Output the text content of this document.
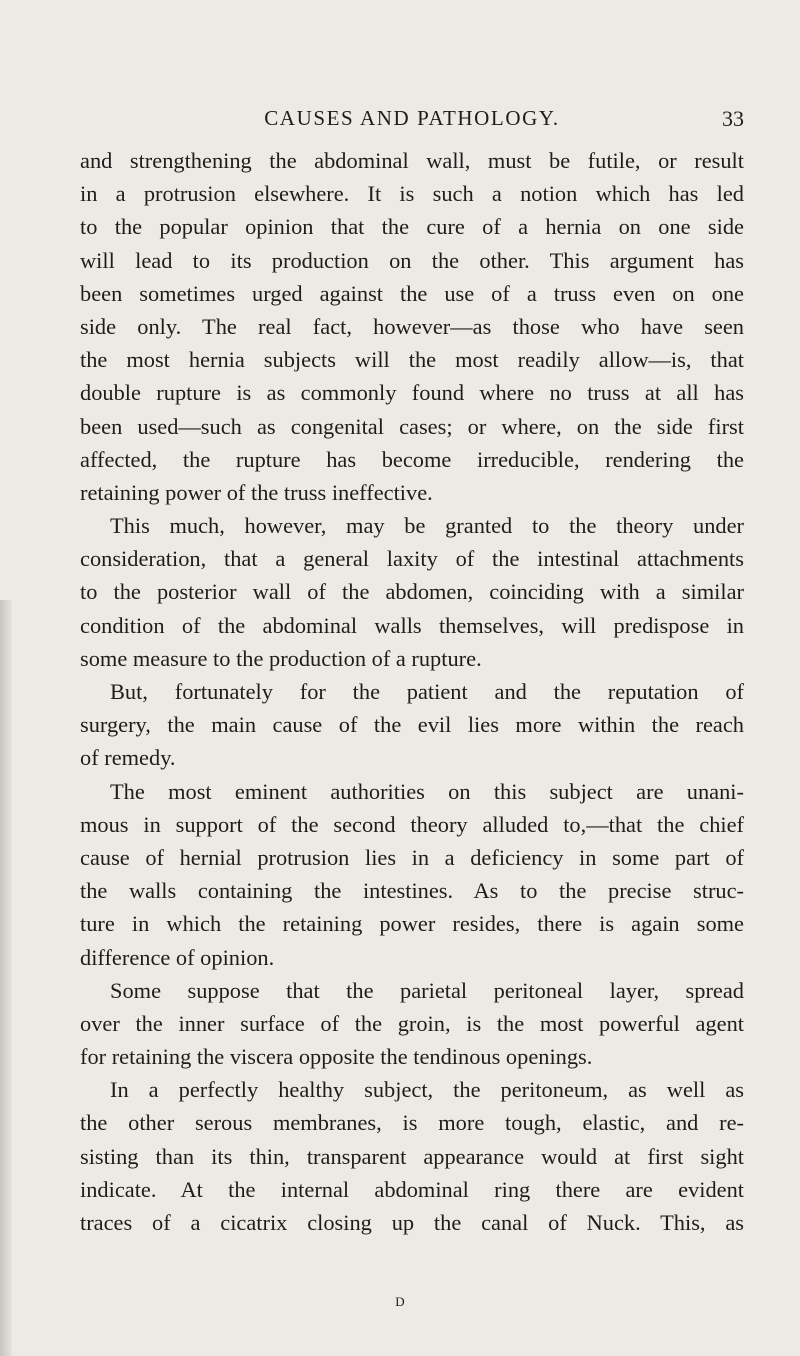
CAUSES AND PATHOLOGY.	33
and strengthening the abdominal wall, must be futile, or result
in a protrusion elsewhere. It is such a notion which has led
to the popular opinion that the cure of a hernia on one side
will lead to its production on the other. This argument has
been sometimes urged against the use of a truss even on one
side only. The real fact, however—as those who have seen
the most hernia subjects will the most readily allow—is, that
double rupture is as commonly found where no truss at all has
been used—such as congenital cases; or where, on the side first
affected, the rupture has become irreducible, rendering the
retaining power of the truss ineffective.
This much, however, may be granted to the theory under
consideration, that a general laxity of the intestinal attachments
to the posterior wall of the abdomen, coinciding with a similar
condition of the abdominal walls themselves, will predispose in
some measure to the production of a rupture.
But, fortunately for the patient and the reputation of
surgery, the main cause of the evil lies more within the reach
of remedy.
The most eminent authorities on this subject are unani-
mous in support of the second theory alluded to,—that the chief
cause of hernial protrusion lies in a deficiency in some part of
the walls containing the intestines. As to the precise struc-
ture in which the retaining power resides, there is again some
difference of opinion.
Some suppose that the parietal peritoneal layer, spread
over the inner surface of the groin, is the most powerful agent
for retaining the viscera opposite the tendinous openings.
In a perfectly healthy subject, the peritoneum, as well as
the other serous membranes, is more tough, elastic, and re-
sisting than its thin, transparent appearance would at first sight
indicate. At the internal abdominal ring there are evident
traces of a cicatrix closing up the canal of Nuck. This, as
D
